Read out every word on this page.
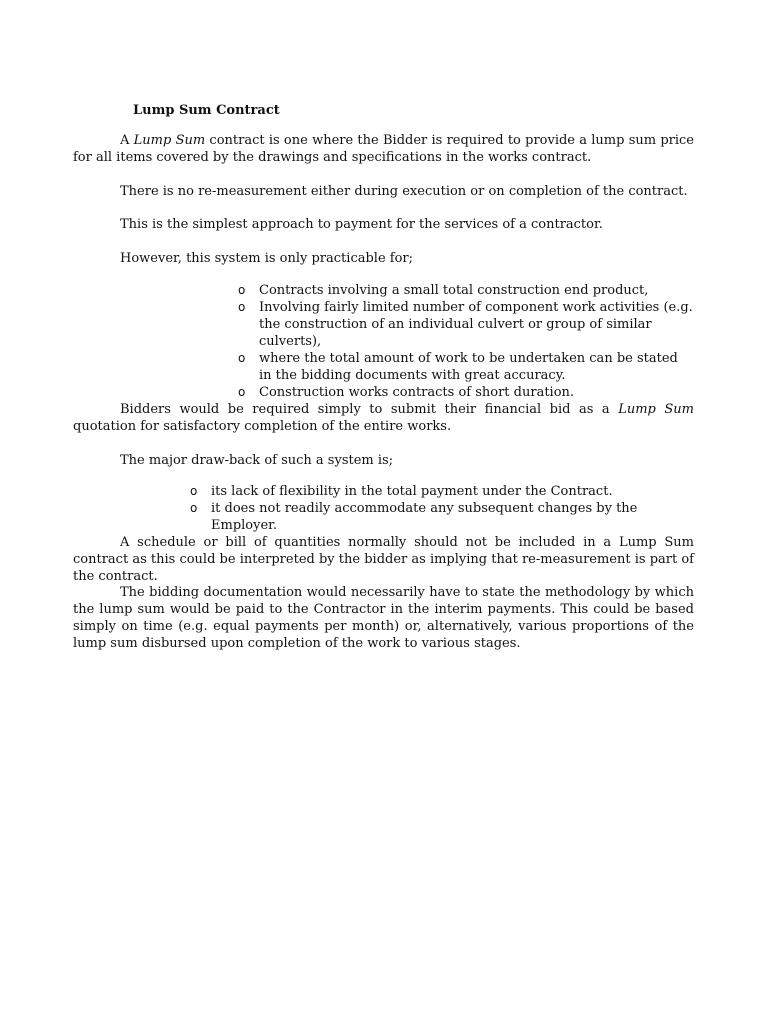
Lump Sum Contract

A Lump Sum contract is one where the Bidder is required to provide a lump sum price for all items covered by the drawings and specifications in the works contract.

There is no re-measurement either during execution or on completion of the contract.

This is the simplest approach to payment for the services of a contractor.

However, this system is only practicable for;

o Contracts involving a small total construction end product,
o Involving fairly limited number of component work activities (e.g. the construction of an individual culvert or group of similar culverts),
o where the total amount of work to be undertaken can be stated in the bidding documents with great accuracy.
o Construction works contracts of short duration.

Bidders would be required simply to submit their financial bid as a Lump Sum quotation for satisfactory completion of the entire works.

The major draw-back of such a system is;

o its lack of flexibility in the total payment under the Contract.
o it does not readily accommodate any subsequent changes by the Employer.

A schedule or bill of quantities normally should not be included in a Lump Sum contract as this could be interpreted by the bidder as implying that re-measurement is part of the contract.

The bidding documentation would necessarily have to state the methodology by which the lump sum would be paid to the Contractor in the interim payments. This could be based simply on time (e.g. equal payments per month) or, alternatively, various proportions of the lump sum disbursed upon completion of the work to various stages.
